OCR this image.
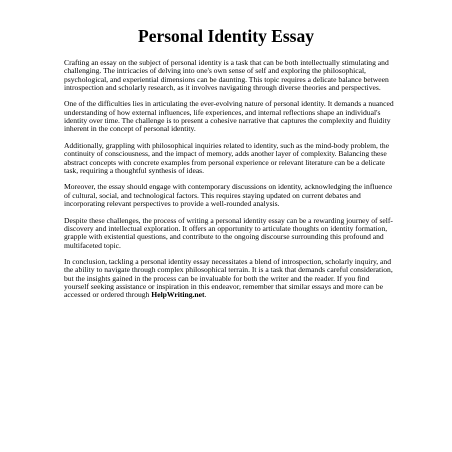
Personal Identity Essay

Crafting an essay on the subject of personal identity is a task that can be both intellectually stimulating and challenging. The intricacies of delving into one's own sense of self and exploring the philosophical, psychological, and experiential dimensions can be daunting. This topic requires a delicate balance between introspection and scholarly research, as it involves navigating through diverse theories and perspectives.

One of the difficulties lies in articulating the ever-evolving nature of personal identity. It demands a nuanced understanding of how external influences, life experiences, and internal reflections shape an individual's identity over time. The challenge is to present a cohesive narrative that captures the complexity and fluidity inherent in the concept of personal identity.

Additionally, grappling with philosophical inquiries related to identity, such as the mind-body problem, the continuity of consciousness, and the impact of memory, adds another layer of complexity. Balancing these abstract concepts with concrete examples from personal experience or relevant literature can be a delicate task, requiring a thoughtful synthesis of ideas.

Moreover, the essay should engage with contemporary discussions on identity, acknowledging the influence of cultural, social, and technological factors. This requires staying updated on current debates and incorporating relevant perspectives to provide a well-rounded analysis.

Despite these challenges, the process of writing a personal identity essay can be a rewarding journey of self-discovery and intellectual exploration. It offers an opportunity to articulate thoughts on identity formation, grapple with existential questions, and contribute to the ongoing discourse surrounding this profound and multifaceted topic.

In conclusion, tackling a personal identity essay necessitates a blend of introspection, scholarly inquiry, and the ability to navigate through complex philosophical terrain. It is a task that demands careful consideration, but the insights gained in the process can be invaluable for both the writer and the reader. If you find yourself seeking assistance or inspiration in this endeavor, remember that similar essays and more can be accessed or ordered through HelpWriting.net.
